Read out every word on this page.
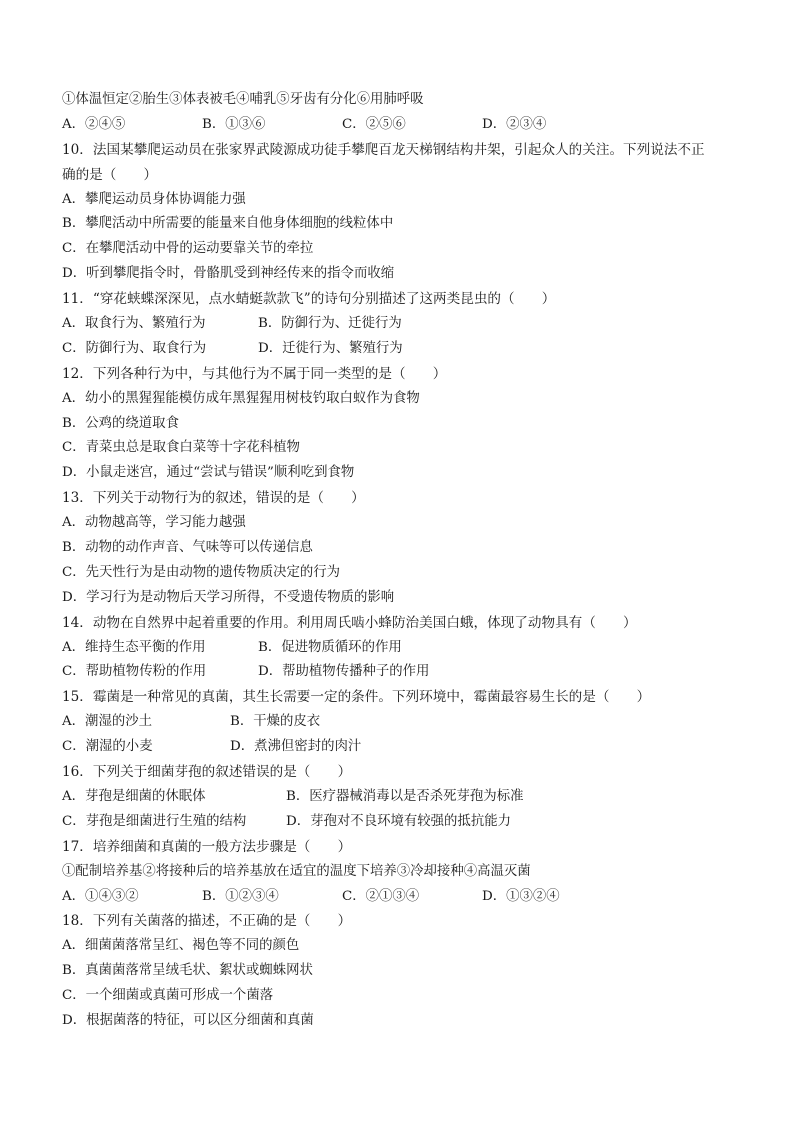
①体温恒定②胎生③体表被毛④哺乳⑤牙齿有分化⑥用肺呼吸
A．②④⑤	B．①③⑥	C．②⑤⑥	D．②③④
10．法国某攀爬运动员在张家界武陵源成功徒手攀爬百龙天梯钢结构井架，引起众人的关注。下列说法不正
确的是（　　）
A．攀爬运动员身体协调能力强
B．攀爬活动中所需要的能量来自他身体细胞的线粒体中
C．在攀爬活动中骨的运动要靠关节的牵拉
D．听到攀爬指令时，骨骼肌受到神经传来的指令而收缩
11．“穿花蛱蝶深深见，点水蜻蜓款款飞”的诗句分别描述了这两类昆虫的（　　）
A．取食行为、繁殖行为	B．防御行为、迁徙行为
C．防御行为、取食行为	D．迁徙行为、繁殖行为
12．下列各种行为中，与其他行为不属于同一类型的是（　　）
A．幼小的黑猩猩能模仿成年黑猩猩用树枝钓取白蚁作为食物
B．公鸡的绕道取食
C．青菜虫总是取食白菜等十字花科植物
D．小鼠走迷宫，通过“尝试与错误”顺利吃到食物
13．下列关于动物行为的叙述，错误的是（　　）
A．动物越高等，学习能力越强
B．动物的动作声音、气味等可以传递信息
C．先天性行为是由动物的遗传物质决定的行为
D．学习行为是动物后天学习所得，不受遗传物质的影响
14．动物在自然界中起着重要的作用。利用周氏啮小蜂防治美国白蛾，体现了动物具有（　　）
A．维持生态平衡的作用	B．促进物质循环的作用
C．帮助植物传粉的作用	D．帮助植物传播种子的作用
15．霉菌是一种常见的真菌，其生长需要一定的条件。下列环境中，霉菌最容易生长的是（　　）
A．潮湿的沙土	B．干燥的皮衣
C．潮湿的小麦	D．煮沸但密封的肉汁
16．下列关于细菌芽孢的叙述错误的是（　　）
A．芽孢是细菌的休眠体	B．医疗器械消毒以是否杀死芽孢为标准
C．芽孢是细菌进行生殖的结构	D．芽孢对不良环境有较强的抵抗能力
17．培养细菌和真菌的一般方法步骤是（　　）
①配制培养基②将接种后的培养基放在适宜的温度下培养③冷却接种④高温灭菌
A．①④③②	B．①②③④	C．②①③④	D．①③②④
18．下列有关菌落的描述，不正确的是（　　）
A．细菌菌落常呈红、褐色等不同的颜色
B．真菌菌落常呈绒毛状、絮状或蜘蛛网状
C．一个细菌或真菌可形成一个菌落
D．根据菌落的特征，可以区分细菌和真菌
